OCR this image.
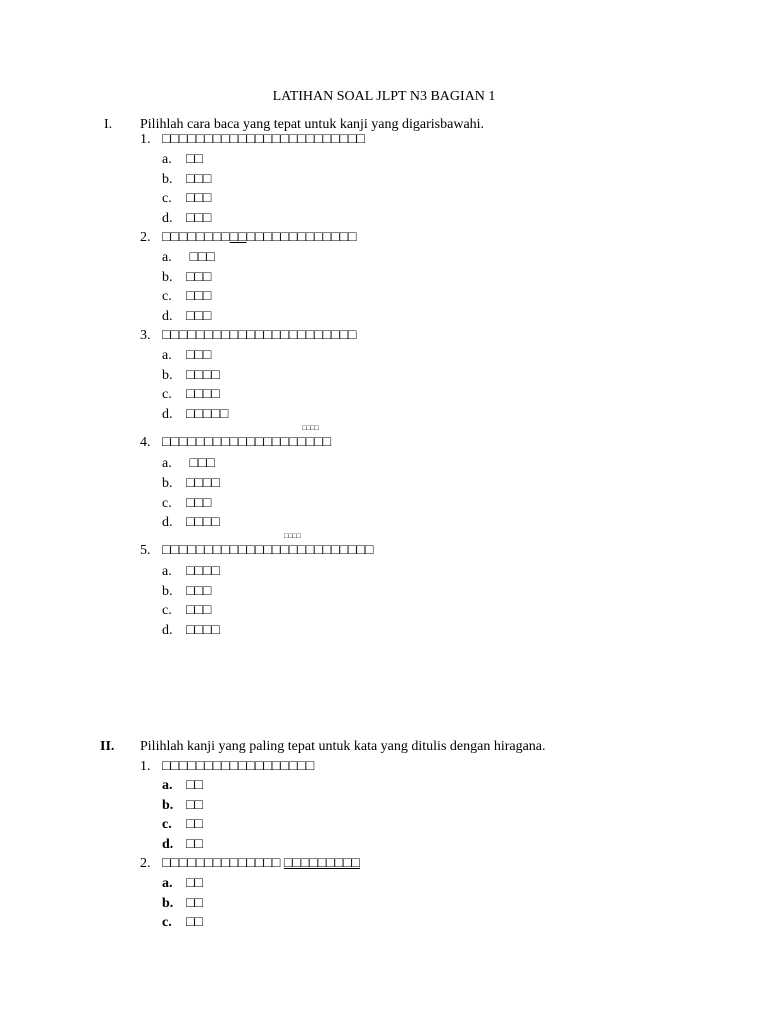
LATIHAN SOAL JLPT N3 BAGIAN 1
I.	Pilihlah cara baca yang tepat untuk kanji yang digarisbawahi.
1. □□□□□□□□□□□□□□□□□□□□□□□□
a. □□
b. □□□
c. □□□
d. □□□
2. □□□□□□□□□□□□□□□□□□□□□□□
a. □□□
b. □□□
c. □□□
d. □□□
3. □□□□□□□□□□□□□□□□□□□□□□□
a. □□□
b. □□□□
c. □□□□
d. □□□□□
□□□□
4. □□□□□□□□□□□□□□□□□□□□
a. □□□
b. □□□□
c. □□□
d. □□□□
□□□□
5. □□□□□□□□□□□□□□□□□□□□□□□□□
a. □□□□
b. □□□
c. □□□
d. □□□□
II.	Pilihlah kanji yang paling tepat untuk kata yang ditulis dengan hiragana.
1. □□□□□□□□□□□□□□□□□□
a. □□
b. □□
c. □□
d. □□
2. □□□□□□□□□□□□□□ □□□□□□□□□
a. □□
b. □□
c. □□
